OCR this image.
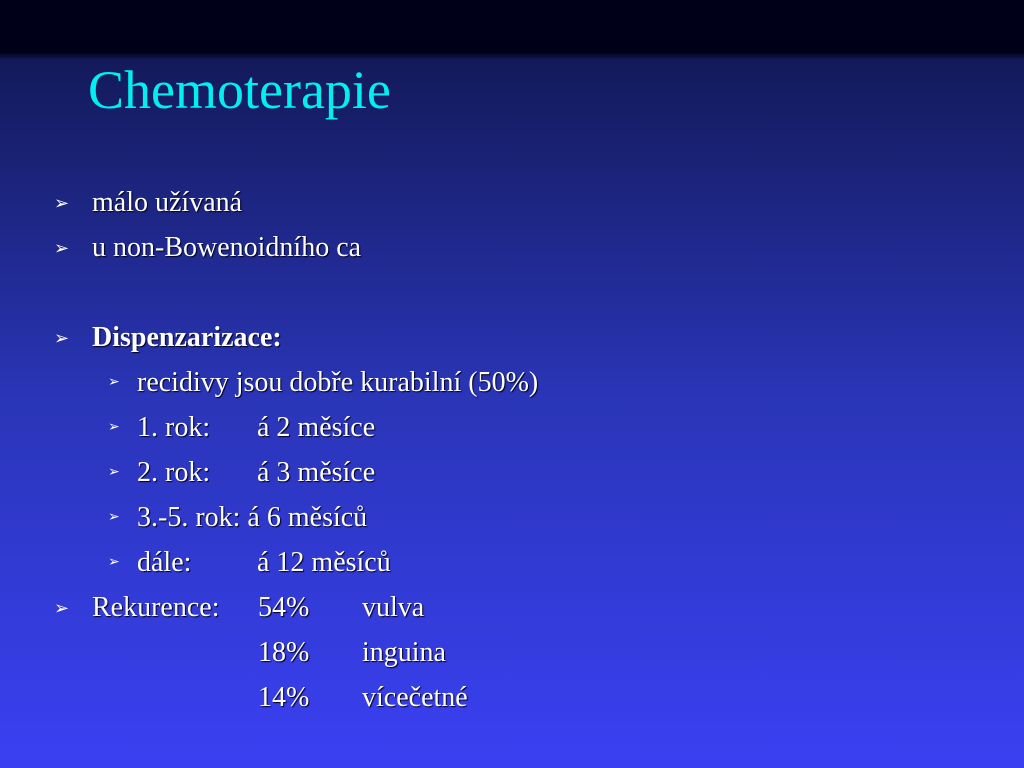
Chemoterapie
➢ málo užívaná
➢ u non-Bowenoidního ca
➢ Dispenzarizace:
➢ recidivy jsou dobře kurabilní (50%)
➢ 1. rok: á 2 měsíce
➢ 2. rok: á 3 měsíce
➢ 3.-5. rok: á 6 měsíců
➢ dále: á 12 měsíců
➢ Rekurence: 54% vulva
18% inguina
14% vícečetné
